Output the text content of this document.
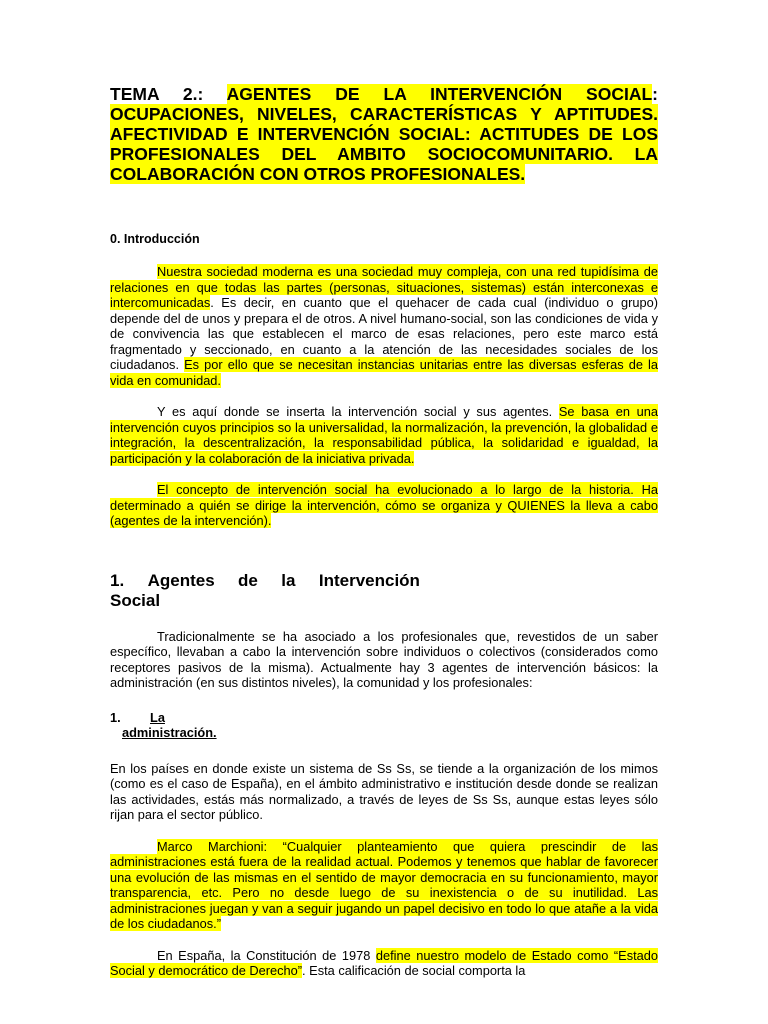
TEMA 2.: AGENTES DE LA INTERVENCIÓN SOCIAL: OCUPACIONES, NIVELES, CARACTERÍSTICAS Y APTITUDES. AFECTIVIDAD E INTERVENCIÓN SOCIAL: ACTITUDES DE LOS PROFESIONALES DEL AMBITO SOCIOCOMUNITARIO. LA COLABORACIÓN CON OTROS PROFESIONALES.

0. Introducción

Nuestra sociedad moderna es una sociedad muy compleja, con una red tupidísima de relaciones en que todas las partes (personas, situaciones, sistemas) están interconexas e intercomunicadas. Es decir, en cuanto que el quehacer de cada cual (individuo o grupo) depende del de unos y prepara el de otros. A nivel humano-social, son las condiciones de vida y de convivencia las que establecen el marco de esas relaciones, pero este marco está fragmentado y seccionado, en cuanto a la atención de las necesidades sociales de los ciudadanos. Es por ello que se necesitan instancias unitarias entre las diversas esferas de la vida en comunidad.

Y es aquí donde se inserta la intervención social y sus agentes. Se basa en una intervención cuyos principios so la universalidad, la normalización, la prevención, la globalidad e integración, la descentralización, la responsabilidad pública, la solidaridad e igualdad, la participación y la colaboración de la iniciativa privada.

El concepto de intervención social ha evolucionado a lo largo de la historia. Ha determinado a quién se dirige la intervención, cómo se organiza y QUIENES la lleva a cabo (agentes de la intervención).

1. Agentes de la Intervención
Social

Tradicionalmente se ha asociado a los profesionales que, revestidos de un saber específico, llevaban a cabo la intervención sobre individuos o colectivos (considerados como receptores pasivos de la misma). Actualmente hay 3 agentes de intervención básicos: la administración (en sus distintos niveles), la comunidad y los profesionales:

1. La
administración.

En los países en donde existe un sistema de Ss Ss, se tiende a la organización de los mimos (como es el caso de España), en el ámbito administrativo e institución desde donde se realizan las actividades, estás más normalizado, a través de leyes de Ss Ss, aunque estas leyes sólo rijan para el sector público.

Marco Marchioni: “Cualquier planteamiento que quiera prescindir de las administraciones está fuera de la realidad actual. Podemos y tenemos que hablar de favorecer una evolución de las mismas en el sentido de mayor democracia en su funcionamiento, mayor transparencia, etc. Pero no desde luego de su inexistencia o de su inutilidad. Las administraciones juegan y van a seguir jugando un papel decisivo en todo lo que atañe a la vida de los ciudadanos.”

En España, la Constitución de 1978 define nuestro modelo de Estado como “Estado Social y democrático de Derecho”. Esta calificación de social comporta la
